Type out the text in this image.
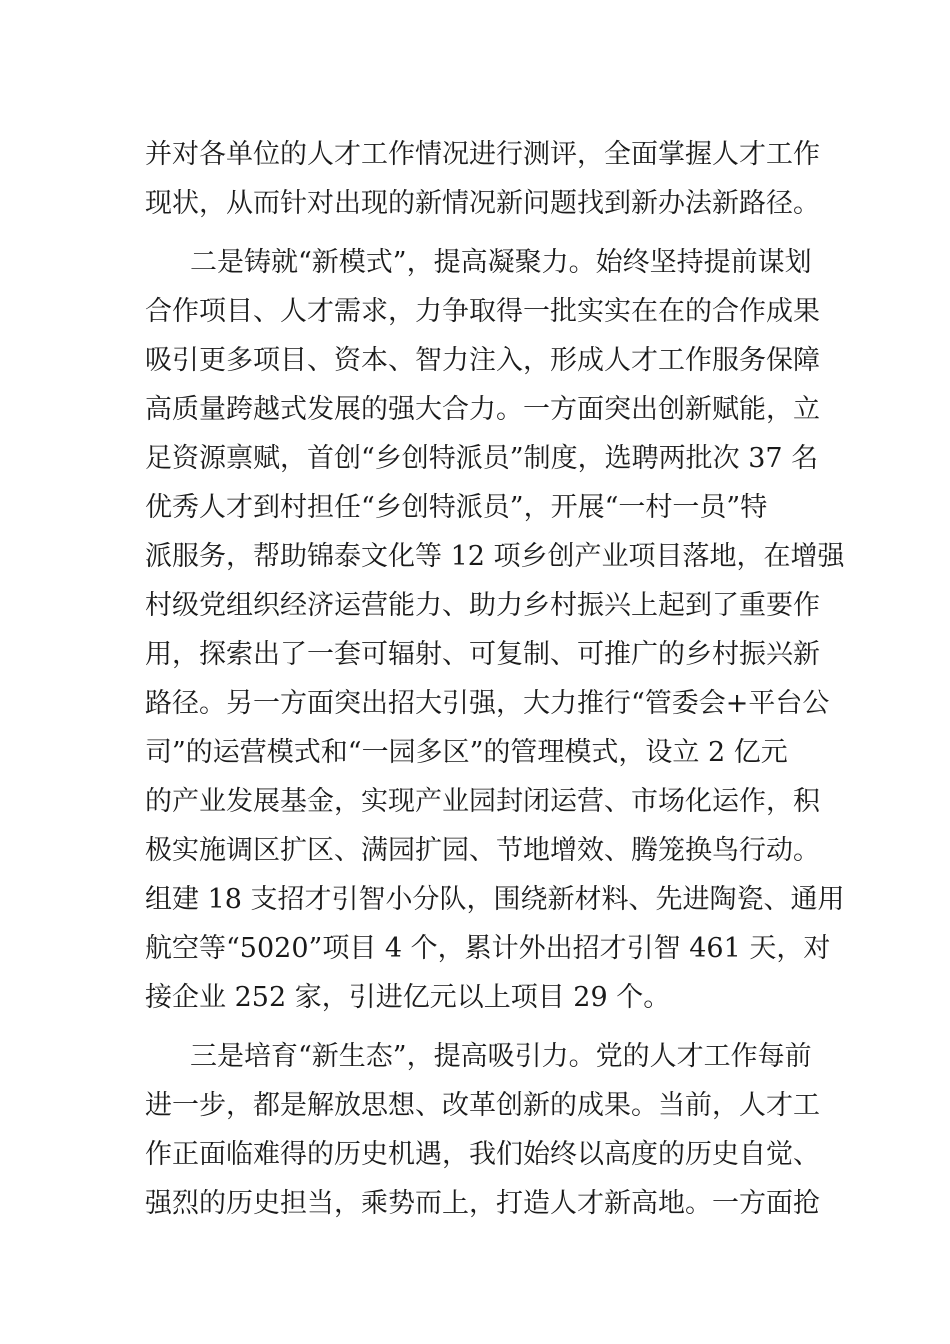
并对各单位的人才工作情况进行测评，全面掌握人才工作
现状，从而针对出现的新情况新问题找到新办法新路径。
二是铸就“新模式”，提高凝聚力。始终坚持提前谋划
合作项目、人才需求，力争取得一批实实在在的合作成果
吸引更多项目、资本、智力注入，形成人才工作服务保障
高质量跨越式发展的强大合力。一方面突出创新赋能，立
足资源禀赋，首创“乡创特派员”制度，选聘两批次 37 名
优秀人才到村担任“乡创特派员”，开展“一村一员”特
派服务，帮助锦泰文化等 12 项乡创产业项目落地，在增强
村级党组织经济运营能力、助力乡村振兴上起到了重要作
用，探索出了一套可辐射、可复制、可推广的乡村振兴新
路径。另一方面突出招大引强，大力推行“管委会+平台公
司”的运营模式和“一园多区”的管理模式，设立 2 亿元
的产业发展基金，实现产业园封闭运营、市场化运作，积
极实施调区扩区、满园扩园、节地增效、腾笼换鸟行动。
组建 18 支招才引智小分队，围绕新材料、先进陶瓷、通用
航空等“5020”项目 4 个，累计外出招才引智 461 天，对
接企业 252 家，引进亿元以上项目 29 个。
三是培育“新生态”，提高吸引力。党的人才工作每前
进一步，都是解放思想、改革创新的成果。当前，人才工
作正面临难得的历史机遇，我们始终以高度的历史自觉、
强烈的历史担当，乘势而上，打造人才新高地。一方面抢
